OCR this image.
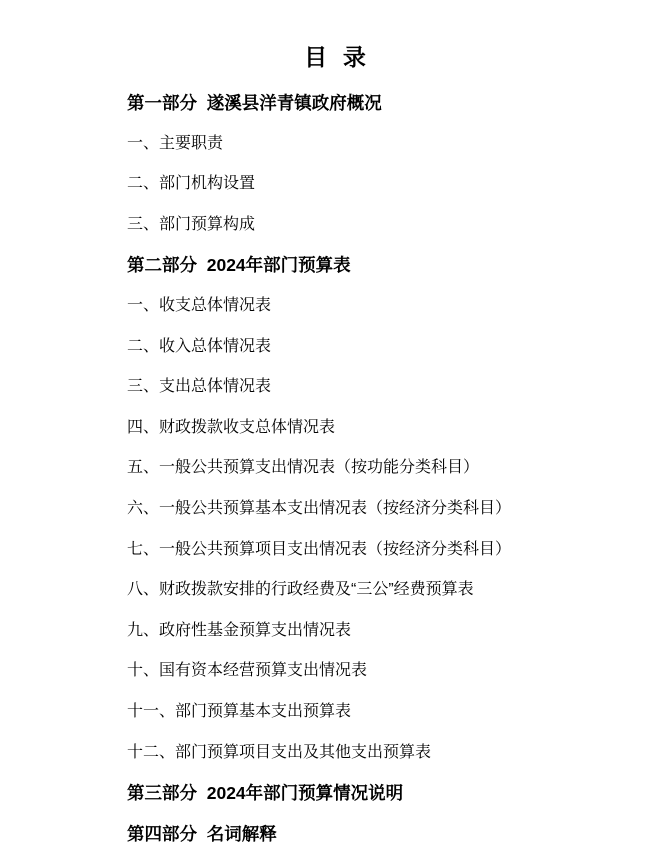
目  录

第一部分  遂溪县洋青镇政府概况

一、主要职责

二、部门机构设置

三、部门预算构成

第二部分  2024年部门预算表

一、收支总体情况表

二、收入总体情况表

三、支出总体情况表

四、财政拨款收支总体情况表

五、一般公共预算支出情况表（按功能分类科目）

六、一般公共预算基本支出情况表（按经济分类科目）

七、一般公共预算项目支出情况表（按经济分类科目）

八、财政拨款安排的行政经费及“三公”经费预算表

九、政府性基金预算支出情况表

十、国有资本经营预算支出情况表

十一、部门预算基本支出预算表

十二、部门预算项目支出及其他支出预算表

第三部分  2024年部门预算情况说明

第四部分  名词解释
